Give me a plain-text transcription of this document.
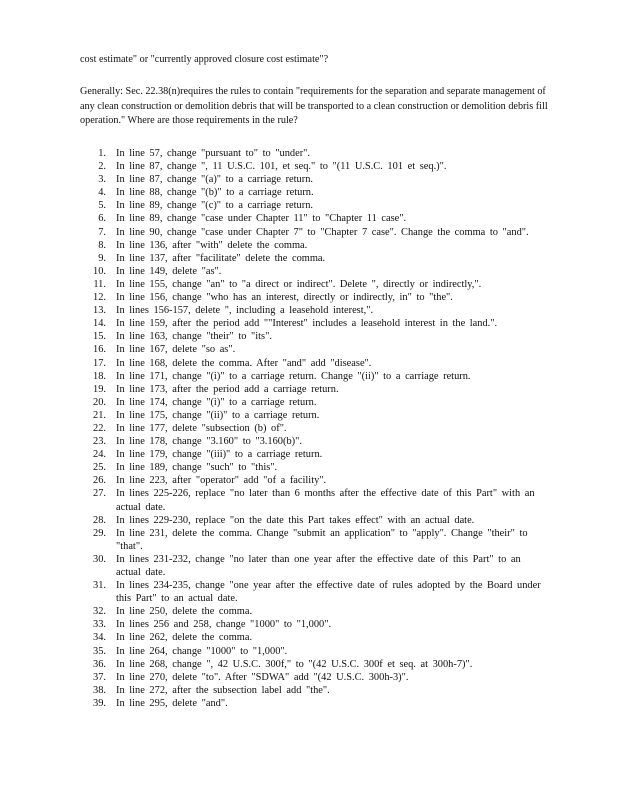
cost estimate" or "currently approved closure cost estimate"?
Generally: Sec. 22.38(n)requires the rules to contain "requirements for the separation and separate management of any clean construction or demolition debris that will be transported to a clean construction or demolition debris fill operation." Where are those requirements in the rule?
1 . In line 57, change "pursuant to" to "under".
2 . In line 87, change ", 11 U.S.C. 101, et seq." to "(11 U.S.C. 101 et seq.)".
3 . In line 87, change "(a)" to a carriage return.
4 . In line 88, change "(b)" to a carriage return.
5 . In line 89, change "(c)" to a carriage return.
6 . In line 89, change "case under Chapter 11" to "Chapter 11 case".
7 . In line 90, change "case under Chapter 7" to "Chapter 7 case". Change the comma to "and".
8 . In line 136, after "with" delete the comma.
9 . In line 137, after "facilitate" delete the comma.
10 . In line 149, delete "as".
11 . In line 155, change "an" to "a direct or indirect". Delete ", directly or indirectly,".
12 . In line 156, change "who has an interest, directly or indirectly, in" to "the".
13 . In lines 156-157, delete ", including a leasehold interest,".
14 . In line 159, after the period add ""Interest" includes a leasehold interest in the land.".
15 . In line 163, change "their" to "its".
16 . In line 167, delete "so as".
17 . In line 168, delete the comma. After "and" add "disease".
18 . In line 171, change "(i)" to a carriage return. Change "(ii)" to a carriage return.
19 . In line 173, after the period add a carriage return.
20 . In line 174, change "(i)" to a carriage return.
21 . In line 175, change "(ii)" to a carriage return.
22 . In line 177, delete "subsection (b) of".
23 . In line 178, change "3.160" to "3.160(b)".
24 . In line 179, change "(iii)" to a carriage return.
25 . In line 189, change "such" to "this".
26 . In line 223, after "operator" add "of a facility".
27 . In lines 225-226, replace "no later than 6 months after the effective date of this Part" with an actual date.
28 . In lines 229-230, replace "on the date this Part takes effect" with an actual date.
29 . In line 231, delete the comma. Change "submit an application" to "apply". Change "their" to "that".
30 . In lines 231-232, change "no later than one year after the effective date of this Part" to an actual date.
31 . In lines 234-235, change "one year after the effective date of rules adopted by the Board under this Part" to an actual date.
32 . In line 250, delete the comma.
33 . In lines 256 and 258, change "1000" to "1,000".
34 . In line 262, delete the comma.
35 . In line 264, change "1000" to "1,000".
36 . In line 268, change ", 42 U.S.C. 300f," to "(42 U.S.C. 300f et seq. at 300h-7)".
37 . In line 270, delete "to". After "SDWA" add "(42 U.S.C. 300h-3)".
38 . In line 272, after the subsection label add "the".
39 . In line 295, delete "and".
